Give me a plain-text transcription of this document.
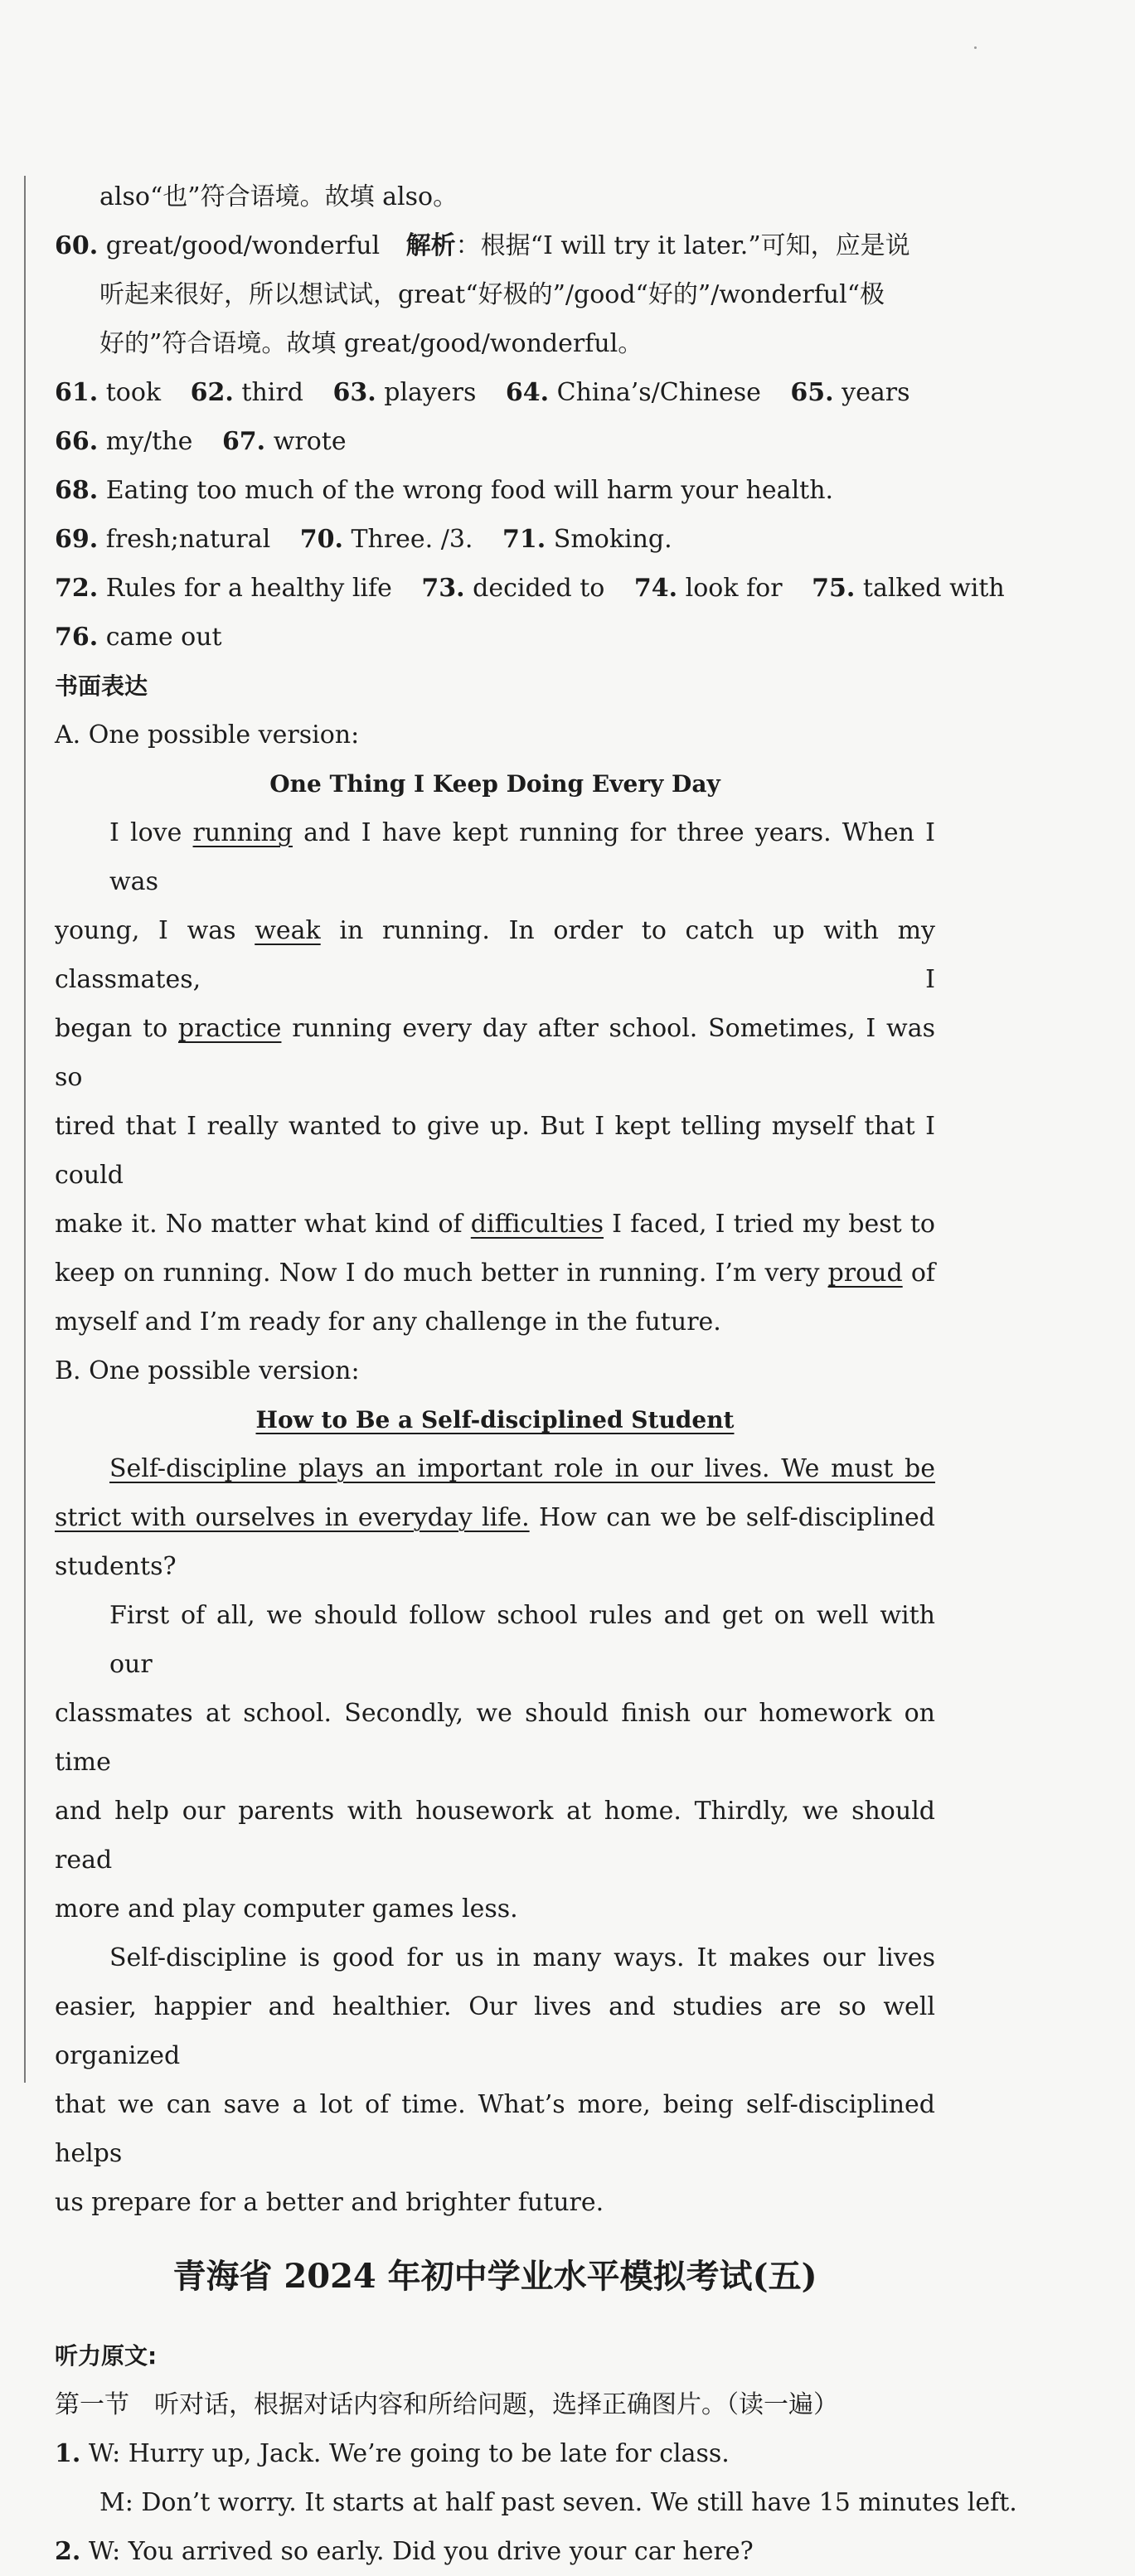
also“也”符合语境。故填 also。
60. great/good/wonderful 解析：根据“I will try it later.”可知，应是说
听起来很好，所以想试试，great“好极的”/good“好的”/wonderful“极
好的”符合语境。故填 great/good/wonderful。
61. took 62. third 63. players 64. China’s/Chinese 65. years
66. my/the 67. wrote
68. Eating too much of the wrong food will harm your health.
69. fresh;natural 70. Three. /3. 71. Smoking.
72. Rules for a healthy life 73. decided to 74. look for 75. talked with
76. came out
书面表达
A. One possible version:
One Thing I Keep Doing Every Day
I love running and I have kept running for three years. When I was
young, I was weak in running. In order to catch up with my classmates, I
began to practice running every day after school. Sometimes, I was so
tired that I really wanted to give up. But I kept telling myself that I could
make it. No matter what kind of difficulties I faced, I tried my best to
keep on running. Now I do much better in running. I’m very proud of
myself and I’m ready for any challenge in the future.
B. One possible version:
How to Be a Self-disciplined Student
Self-discipline plays an important role in our lives. We must be
strict with ourselves in everyday life. How can we be self-disciplined
students?
First of all, we should follow school rules and get on well with our
classmates at school. Secondly, we should finish our homework on time
and help our parents with housework at home. Thirdly, we should read
more and play computer games less.
Self-discipline is good for us in many ways. It makes our lives
easier, happier and healthier. Our lives and studies are so well organized
that we can save a lot of time. What’s more, being self-disciplined helps
us prepare for a better and brighter future.
青海省 2024 年初中学业水平模拟考试(五)
听力原文:
第一节　听对话，根据对话内容和所给问题，选择正确图片。（读一遍）
1. W: Hurry up, Jack. We’re going to be late for class.
M: Don’t worry. It starts at half past seven. We still have 15 minutes left.
2. W: You arrived so early. Did you drive your car here?
